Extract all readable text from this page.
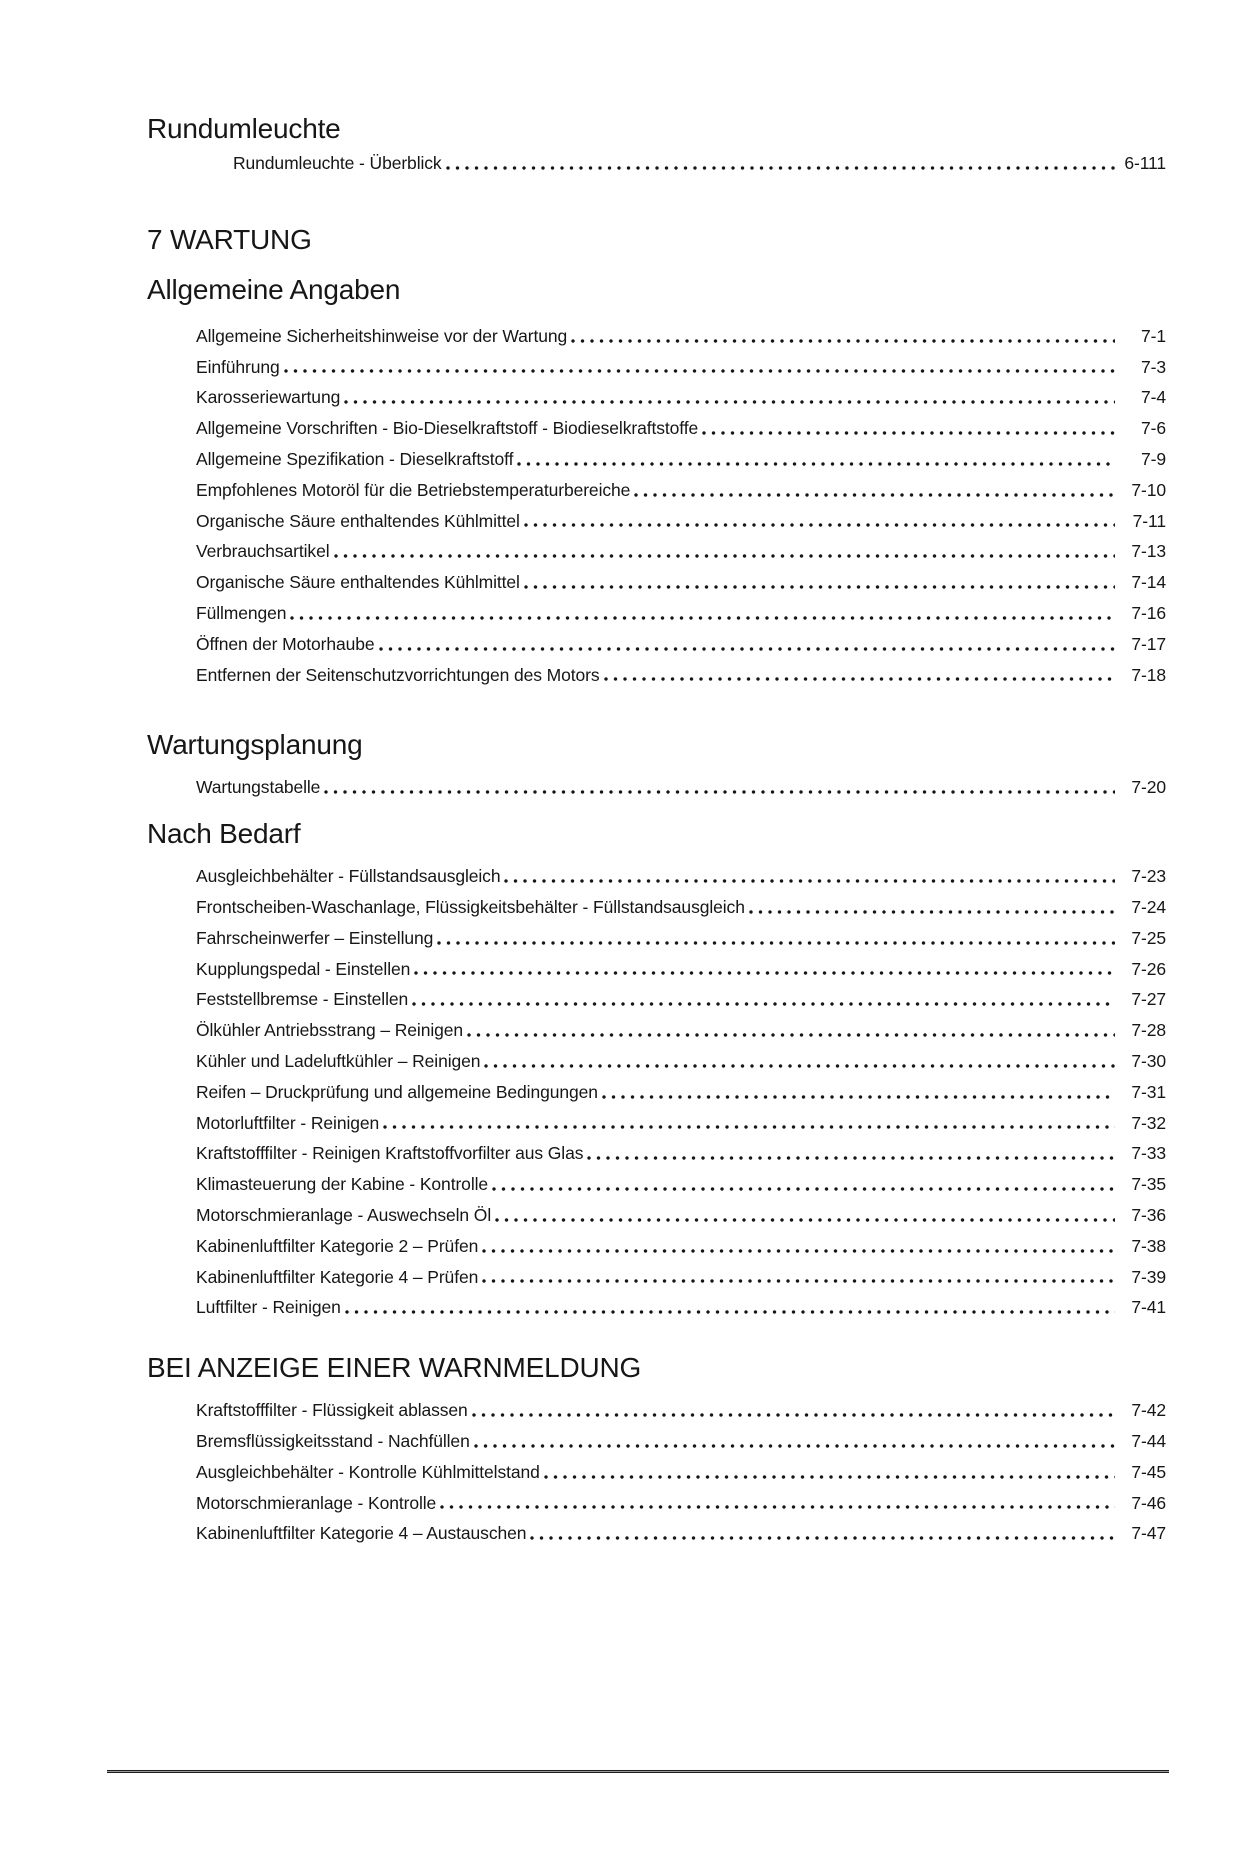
Rundumleuchte
Rundumleuchte - Überblick	6-111
7 WARTUNG
Allgemeine Angaben
Allgemeine Sicherheitshinweise vor der Wartung	7-1
Einführung	7-3
Karosseriewartung	7-4
Allgemeine Vorschriften - Bio-Dieselkraftstoff - Biodieselkraftstoffe	7-6
Allgemeine Spezifikation - Dieselkraftstoff	7-9
Empfohlenes Motoröl für die Betriebstemperaturbereiche	7-10
Organische Säure enthaltendes Kühlmittel	7-11
Verbrauchsartikel	7-13
Organische Säure enthaltendes Kühlmittel	7-14
Füllmengen	7-16
Öffnen der Motorhaube	7-17
Entfernen der Seitenschutzvorrichtungen des Motors	7-18
Wartungsplanung
Wartungstabelle	7-20
Nach Bedarf
Ausgleichbehälter - Füllstandsausgleich	7-23
Frontscheiben-Waschanlage, Flüssigkeitsbehälter - Füllstandsausgleich	7-24
Fahrscheinwerfer – Einstellung	7-25
Kupplungspedal - Einstellen	7-26
Feststellbremse - Einstellen	7-27
Ölkühler Antriebsstrang – Reinigen	7-28
Kühler und Ladeluftkühler – Reinigen	7-30
Reifen – Druckprüfung und allgemeine Bedingungen	7-31
Motorluftfilter - Reinigen	7-32
Kraftstofffilter - Reinigen Kraftstoffvorfilter aus Glas	7-33
Klimasteuerung der Kabine - Kontrolle	7-35
Motorschmieranlage - Auswechseln Öl	7-36
Kabinenluftfilter Kategorie 2 – Prüfen	7-38
Kabinenluftfilter Kategorie 4 – Prüfen	7-39
Luftfilter - Reinigen	7-41
BEI ANZEIGE EINER WARNMELDUNG
Kraftstofffilter - Flüssigkeit ablassen	7-42
Bremsflüssigkeitsstand - Nachfüllen	7-44
Ausgleichbehälter - Kontrolle Kühlmittelstand	7-45
Motorschmieranlage - Kontrolle	7-46
Kabinenluftfilter Kategorie 4 – Austauschen	7-47
